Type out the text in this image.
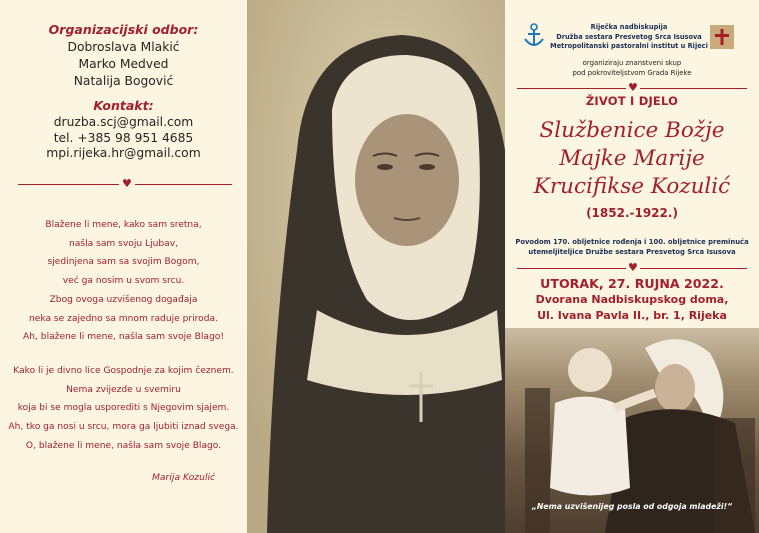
Organizacijski odbor:
Dobroslava Mlakić
Marko Medved
Natalija Bogović
Kontakt:
druzba.scj@gmail.com
tel. +385 98 951 4685
mpi.rijeka.hr@gmail.com
♥
Blažene li mene, kako sam sretna,
našla sam svoju Ljubav,
sjedinjena sam sa svojim Bogom,
već ga nosim u svom srcu.
Zbog ovoga uzvišenog događaja
neka se zajedno sa mnom raduje priroda.
Ah, blažene li mene, našla sam svoje Blago!
Kako li je divno lice Gospodnje za kojim čeznem.
Nema zvijezde u svemiru
koja bi se mogla usporediti s Njegovim sjajem.
Ah, tko ga nosi u srcu, mora ga ljubiti iznad svega.
O, blažene li mene, našla sam svoje Blago.
Marija Kozulić
Riječka nadbiskupija
Družba sestara Presvetog Srca Isusova
Metropolitanski pastoralni institut u Rijeci
organiziraju znanstveni skup
pod pokroviteljstvom Grada Rijeke
♥
ŽIVOT I DJELO
Službenice Božje
Majke Marije
Krucifikse Kozulić
(1852.-1922.)
Povodom 170. obljetnice rođenja i 100. obljetnice preminuća
utemeljiteljice Družbe sestara Presvetog Srca Isusova
♥
UTORAK, 27. RUJNA 2022.
Dvorana Nadbiskupskog doma,
Ul. Ivana Pavla II., br. 1, Rijeka
„Nema uzvišenijeg posla od odgoja mladeži!“
